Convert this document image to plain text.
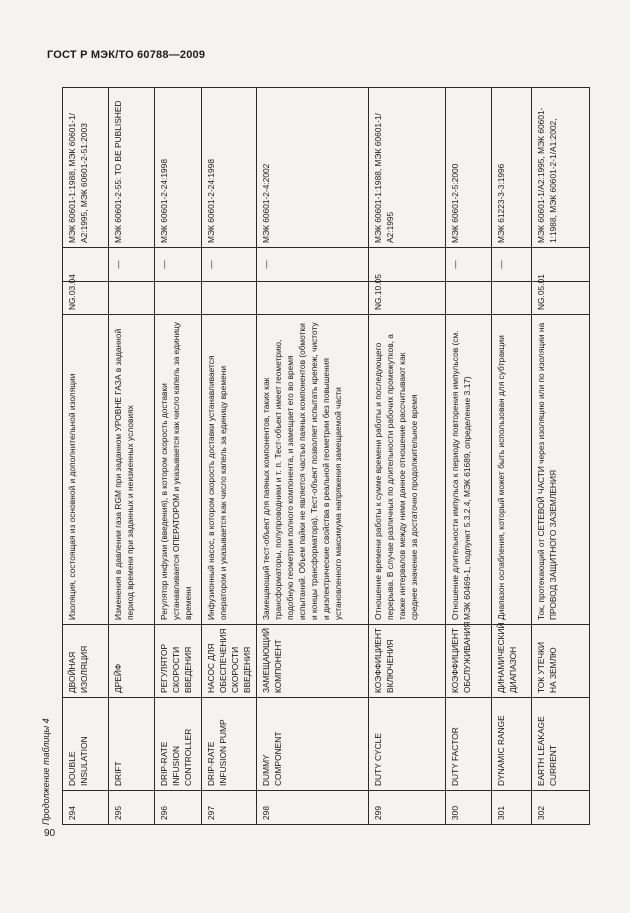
ГОСТ Р МЭК/ТО 60788—2009
Продолжение таблицы 4
90
294	DOUBLE INSULATION	ДВОЙНАЯ ИЗОЛЯЦИЯ	Изоляция, состоящая из основной и дополнительной изоляции	NG.03.04		МЭК 60601-1:1988, МЭК 60601-1/А2:1995, МЭК 60601-2-51:2003
295	DRIFT	ДРЕЙФ	Изменения в давлении газа RGM при заданном УРОВНЕ ГАЗА в заданной период времени при заданных и неизменных условиях		—	МЭК 60601-2-55: TO BE PUBLISHED
296	DRIP-RATE INFUSION CONTROLLER	РЕГУЛЯТОР СКОРОСТИ ВВЕДЕНИЯ	Регулятор инфузии (введения), в котором скорость доставки устанавливается ОПЕРАТОРОМ и указывается как число капель за единицу времени		—	МЭК 60601-2-24:1998
297	DRIP-RATE INFUSION PUMP	НАСОС ДЛЯ ОБЕСПЕЧЕНИЯ СКОРОСТИ ВВЕДЕНИЯ	Инфузионный насос, в котором скорость доставки устанавливается оператором и указывается как число капель за единицу времени		—	МЭК 60601-2-24:1998
298	DUMMY COMPONENT	ЗАМЕЩАЮЩИЙ КОМПОНЕНТ	Замещающий тест-объект для паяных компонентов, таких как трансформаторы, полупроводники и т. п. Тест-объект имеет геометрию, подобную геометрии полного компонента, и замещает его во время испытаний. Объем пайки не является частью паяных компонентов (обмотки и концы трансформатора). Тест-объект позволяет испытать крепеж, чистоту и диэлектрические свойства в реальной геометрии без повышения установленного максимума напряжения замещаемой части		—	МЭК 60601-2-4:2002
299	DUTY CYCLE	КОЭФФИЦИЕНТ ВКЛЮЧЕНИЯ	Отношение времени работы к сумме времени работы и последующего перерыва. В случае различных по длительности рабочих промежутков, а также интервалов между ними данное отношение рассчитывают как среднее значение за достаточно продолжительное время	NG.10.05		МЭК 60601-1:1988, МЭК 60601-1/А2:1995
300	DUTY FACTOR	КОЭФФИЦИЕНТ ОБСЛУЖИВАНИЯ	Отношение длительности импульса к периоду повторения импульсов (см. МЭК 60469-1, подпункт 5.3.2.4, МЭК 61689, определение 3.17)		—	МЭК 60601-2-5:2000
301	DYNAMIC RANGE	ДИНАМИЧЕСКИЙ ДИАПАЗОН	Диапазон ослабления, который может быть использован для субтракции		—	МЭК 61223-3-3:1996
302	EARTH LEAKAGE CURRENT	ТОК УТЕЧКИ НА ЗЕМЛЮ	Ток, протекающий от СЕТЕВОЙ ЧАСТИ через изоляцию или по изоляции на ПРОВОД ЗАЩИТНОГО ЗАЗЕМЛЕНИЯ	NG.05.01		МЭК 60601-1/А2:1995, МЭК 60601-1:1988, МЭК 60601-2-1/А1:2002,
